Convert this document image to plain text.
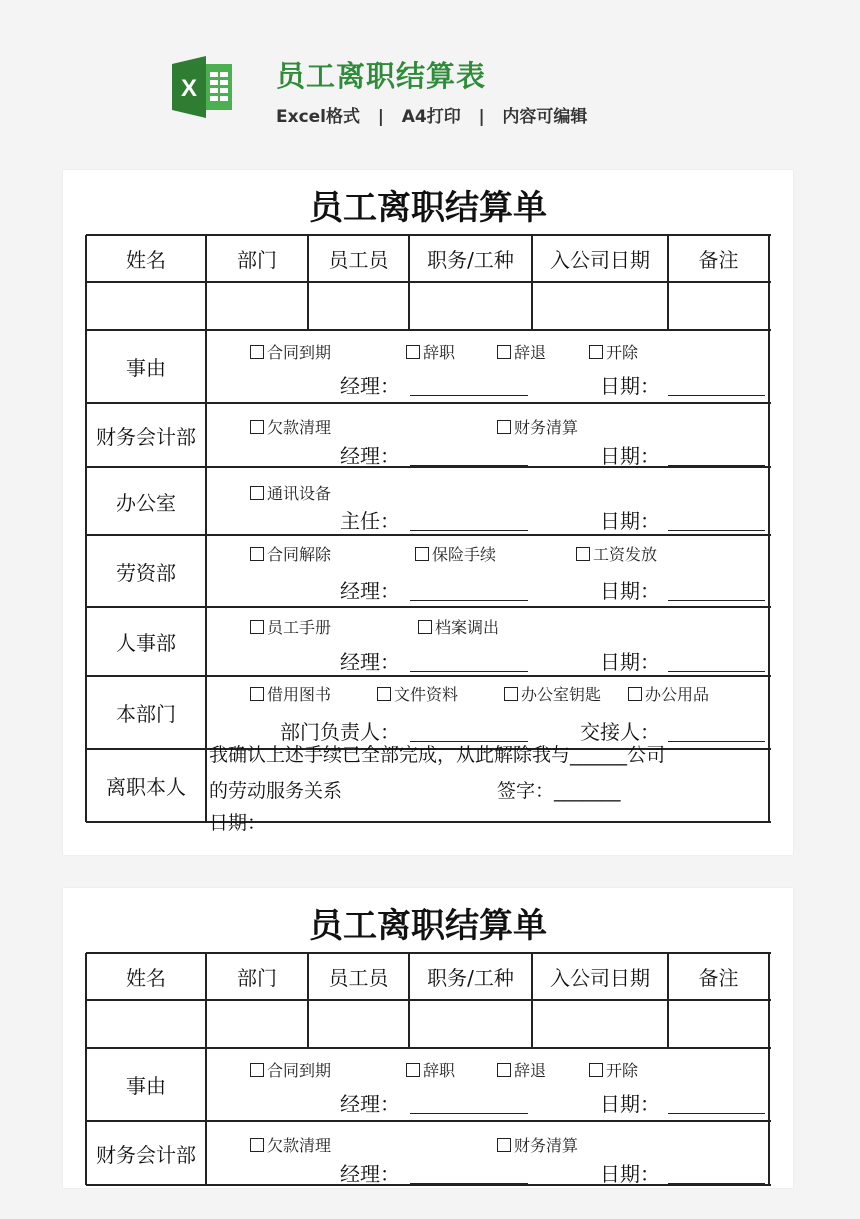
X	员工离职结算表
Excel格式   |   A4打印   |   内容可编辑
员工离职结算单
姓名	部门	员工员	职务/工种	入公司日期	备注
事由
合同到期	辞职	辞退	开除
经理：	日期：
财务会计部	欠款清理	财务清算
经理：	日期：
办公室	通讯设备
主任：	日期：
劳资部
合同解除	保险手续	工资发放
经理：	日期：
人事部
员工手册	档案调出
经理：	日期：
本部门
借用图书	文件资料	办公室钥匙	办公用品
部门负责人：	交接人：
离职本人
我确认上述手续已全部完成，从此解除我与______公司
的劳动服务关系	签字：_______
日期：
员工离职结算单
姓名	部门	员工员	职务/工种	入公司日期	备注
事由
合同到期	辞职	辞退	开除
经理：	日期：
财务会计部	欠款清理	财务清算
经理：	日期：
